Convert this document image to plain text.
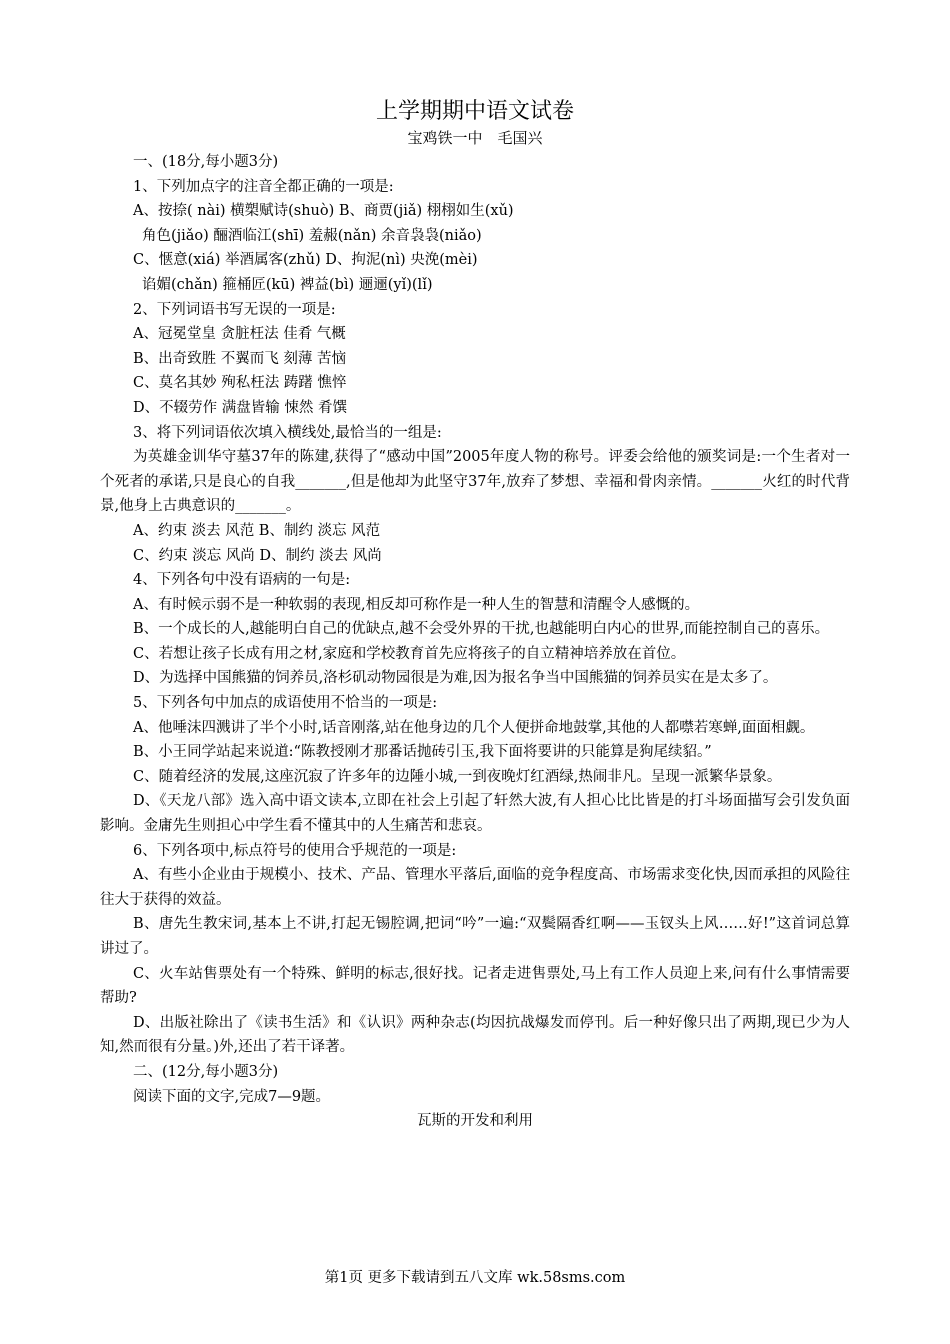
上学期期中语文试卷
宝鸡铁一中　毛国兴
一、(18分,每小题3分)
1、下列加点字的注音全都正确的一项是:
A、按捺( nài) 横槊赋诗(shuò) B、商贾(jiǎ) 栩栩如生(xǔ)
角色(jiǎo) 酾酒临江(shī) 羞赧(nǎn) 余音袅袅(niǎo)
C、惬意(xiá) 举酒属客(zhǔ) D、拘泥(nì) 央浼(mèi)
谄媚(chǎn) 箍桶匠(kū) 裨益(bì) 逦逦(yǐ)(lǐ)
2、下列词语书写无误的一项是:
A、冠冕堂皇 贪脏枉法 佳肴 气概
B、出奇致胜 不翼而飞 刻薄 苦恼
C、莫名其妙 殉私枉法 踌躇 憔悴
D、不辍劳作 满盘皆输 悚然 肴馔
3、将下列词语依次填入横线处,最恰当的一组是:
为英雄金训华守墓37年的陈建,获得了“感动中国”2005年度人物的称号。评委会给他的颁奖词是:一个生者对一个死者的承诺,只是良心的自我_______,但是他却为此坚守37年,放弃了梦想、幸福和骨肉亲情。_______火红的时代背景,他身上古典意识的_______。
A、约束 淡去 风范 B、制约 淡忘 风范
C、约束 淡忘 风尚 D、制约 淡去 风尚
4、下列各句中没有语病的一句是:
A、有时候示弱不是一种软弱的表现,相反却可称作是一种人生的智慧和清醒令人感慨的。
B、一个成长的人,越能明白自己的优缺点,越不会受外界的干扰,也越能明白内心的世界,而能控制自己的喜乐。
C、若想让孩子长成有用之材,家庭和学校教育首先应将孩子的自立精神培养放在首位。
D、为选择中国熊猫的饲养员,洛杉矶动物园很是为难,因为报名争当中国熊猫的饲养员实在是太多了。
5、下列各句中加点的成语使用不恰当的一项是:
A、他唾沫四溅讲了半个小时,话音刚落,站在他身边的几个人便拼命地鼓掌,其他的人都噤若寒蝉,面面相觑。
B、小王同学站起来说道:“陈教授刚才那番话抛砖引玉,我下面将要讲的只能算是狗尾续貂。”
C、随着经济的发展,这座沉寂了许多年的边陲小城,一到夜晚灯红酒绿,热闹非凡。呈现一派繁华景象。
D、《天龙八部》选入高中语文读本,立即在社会上引起了轩然大波,有人担心比比皆是的打斗场面描写会引发负面影响。金庸先生则担心中学生看不懂其中的人生痛苦和悲哀。
6、下列各项中,标点符号的使用合乎规范的一项是:
A、有些小企业由于规模小、技术、产品、管理水平落后,面临的竞争程度高、市场需求变化快,因而承担的风险往往大于获得的效益。
B、唐先生教宋词,基本上不讲,打起无锡腔调,把词“吟”一遍:“双鬓隔香红啊——玉钗头上风……好!”这首词总算讲过了。
C、火车站售票处有一个特殊、鲜明的标志,很好找。记者走进售票处,马上有工作人员迎上来,问有什么事情需要帮助?
D、出版社除出了《读书生活》和《认识》两种杂志(均因抗战爆发而停刊。后一种好像只出了两期,现已少为人知,然而很有分量。)外,还出了若干译著。
二、(12分,每小题3分)
阅读下面的文字,完成7—9题。
瓦斯的开发和利用
第1页 更多下载请到五八文库 wk.58sms.com
